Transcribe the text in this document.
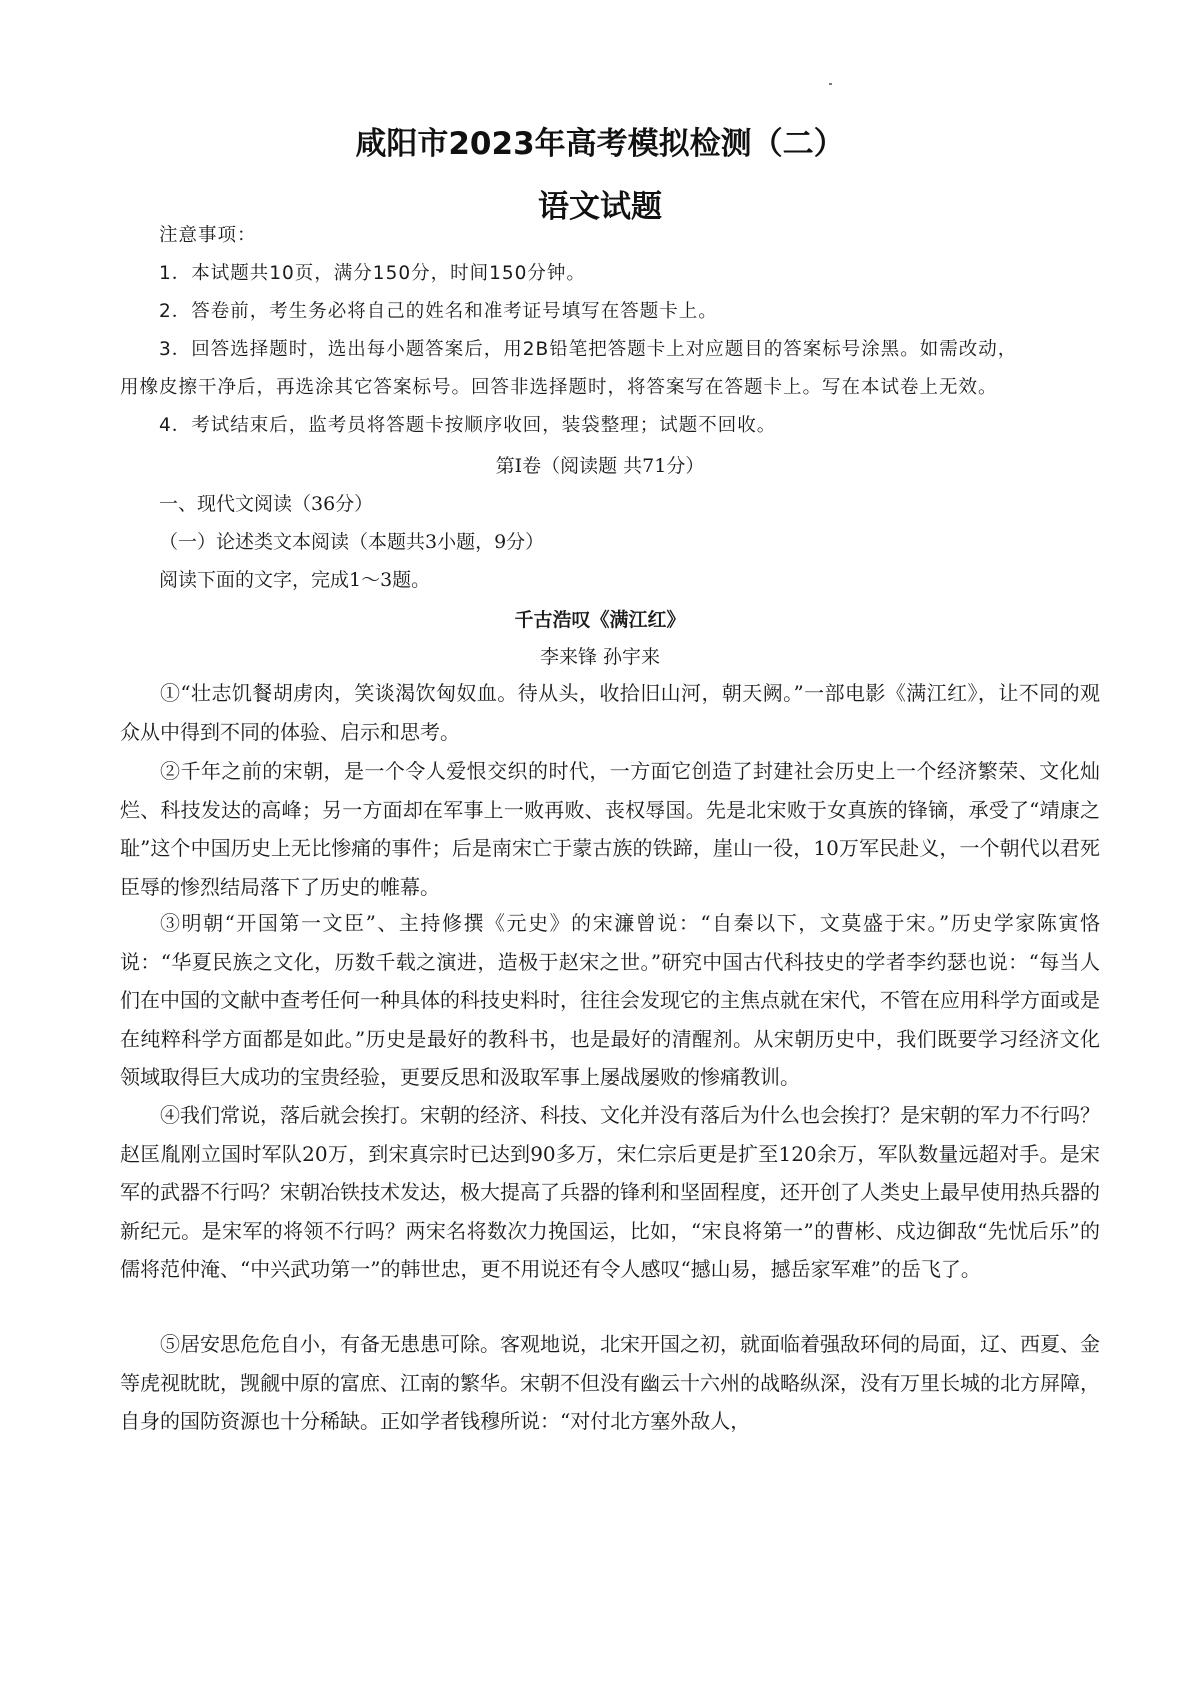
咸阳市2023年高考模拟检测（二）
语文试题
注意事项：
1．本试题共10页，满分150分，时间150分钟。
2．答卷前，考生务必将自己的姓名和准考证号填写在答题卡上。
3．回答选择题时，选出每小题答案后，用2B铅笔把答题卡上对应题目的答案标号涂黑。如需改动，
用橡皮擦干净后，再选涂其它答案标号。回答非选择题时，将答案写在答题卡上。写在本试卷上无效。
4．考试结束后，监考员将答题卡按顺序收回，装袋整理；试题不回收。
第I卷（阅读题 共71分）
一、现代文阅读（36分）
（一）论述类文本阅读（本题共3小题，9分）
阅读下面的文字，完成1～3题。
千古浩叹《满江红》
李来锋 孙宇来
①“壮志饥餐胡虏肉，笑谈渴饮匈奴血。待从头，收拾旧山河，朝天阙。”一部电影《满江红》，让不同的观众从中得到不同的体验、启示和思考。
②千年之前的宋朝，是一个令人爱恨交织的时代，一方面它创造了封建社会历史上一个经济繁荣、文化灿烂、科技发达的高峰；另一方面却在军事上一败再败、丧权辱国。先是北宋败于女真族的锋镝，承受了“靖康之耻”这个中国历史上无比惨痛的事件；后是南宋亡于蒙古族的铁蹄，崖山一役，10万军民赴义，一个朝代以君死臣辱的惨烈结局落下了历史的帷幕。
③明朝“开国第一文臣”、主持修撰《元史》的宋濂曾说：“自秦以下，文莫盛于宋。”历史学家陈寅恪说：“华夏民族之文化，历数千载之演进，造极于赵宋之世。”研究中国古代科技史的学者李约瑟也说：“每当人们在中国的文献中查考任何一种具体的科技史料时，往往会发现它的主焦点就在宋代，不管在应用科学方面或是在纯粹科学方面都是如此。”历史是最好的教科书，也是最好的清醒剂。从宋朝历史中，我们既要学习经济文化领域取得巨大成功的宝贵经验，更要反思和汲取军事上屡战屡败的惨痛教训。
④我们常说，落后就会挨打。宋朝的经济、科技、文化并没有落后为什么也会挨打？是宋朝的军力不行吗？赵匡胤刚立国时军队20万，到宋真宗时已达到90多万，宋仁宗后更是扩至120余万，军队数量远超对手。是宋军的武器不行吗？宋朝冶铁技术发达，极大提高了兵器的锋利和坚固程度，还开创了人类史上最早使用热兵器的新纪元。是宋军的将领不行吗？两宋名将数次力挽国运，比如，“宋良将第一”的曹彬、戍边御敌“先忧后乐”的儒将范仲淹、“中兴武功第一”的韩世忠，更不用说还有令人感叹“撼山易，撼岳家军难”的岳飞了。
⑤居安思危危自小，有备无患患可除。客观地说，北宋开国之初，就面临着强敌环伺的局面，辽、西夏、金等虎视眈眈，觊觎中原的富庶、江南的繁华。宋朝不但没有幽云十六州的战略纵深，没有万里长城的北方屏障，自身的国防资源也十分稀缺。正如学者钱穆所说：“对付北方塞外敌人，
